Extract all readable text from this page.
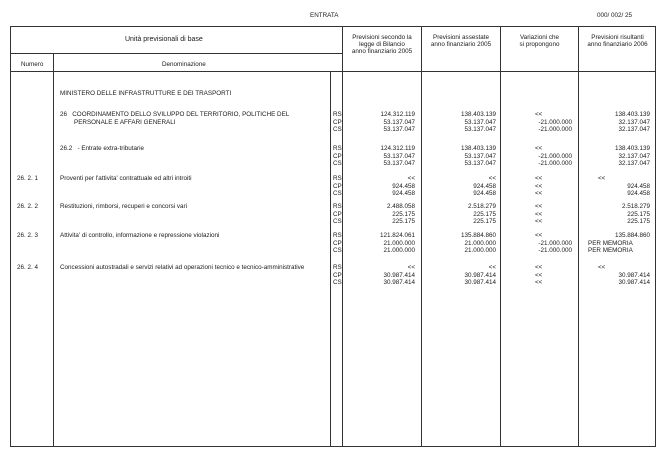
ENTRATA	000/ 002/ 25
Unità previsionali di base
Numero	Denominazione
Previsioni secondo la
legge di Bilancio
anno finanziario 2005
Previsioni assestate
anno finanziario 2005
Variazioni che
si propongono
Previsioni risultanti
anno finanziario 2006
MINISTERO DELLE INFRASTRUTTURE E DEI TRASPORTI
26   COORDINAMENTO DELLO SVILUPPO DEL TERRITORIO, POLITICHE DEL
PERSONALE E AFFARI GENERALI
RS	124.312.119	138.403.139	<<	138.403.139
CP	53.137.047	53.137.047	-21.000.000	32.137.047
CS	53.137.047	53.137.047	-21.000.000	32.137.047
26.2   - Entrate extra-tributarie	RS	124.312.119	138.403.139	<<	138.403.139
CP	53.137.047	53.137.047	-21.000.000	32.137.047
CS	53.137.047	53.137.047	-21.000.000	32.137.047
26. 2. 1	Proventi per l'attivita' contrattuale ed altri introiti	RS	<<	<<	<<	<<
CP	924.458	924.458	<<	924.458
CS	924.458	924.458	<<	924.458
26. 2. 2	Restituzioni, rimborsi, recuperi e concorsi vari	RS	2.488.058	2.518.279	<<	2.518.279
CP	225.175	225.175	<<	225.175
CS	225.175	225.175	<<	225.175
26. 2. 3	Attivita' di controllo, informazione e repressione violazioni	RS	121.824.061	135.884.860	<<	135.884.860
CP	21.000.000	21.000.000	-21.000.000	PER MEMORIA
CS	21.000.000	21.000.000	-21.000.000	PER MEMORIA
26. 2. 4	Concessioni autostradali e servizi relativi ad operazioni tecnico e tecnico-amministrative	RS	<<	<<	<<	<<
CP	30.987.414	30.987.414	<<	30.987.414
CS	30.987.414	30.987.414	<<	30.987.414
